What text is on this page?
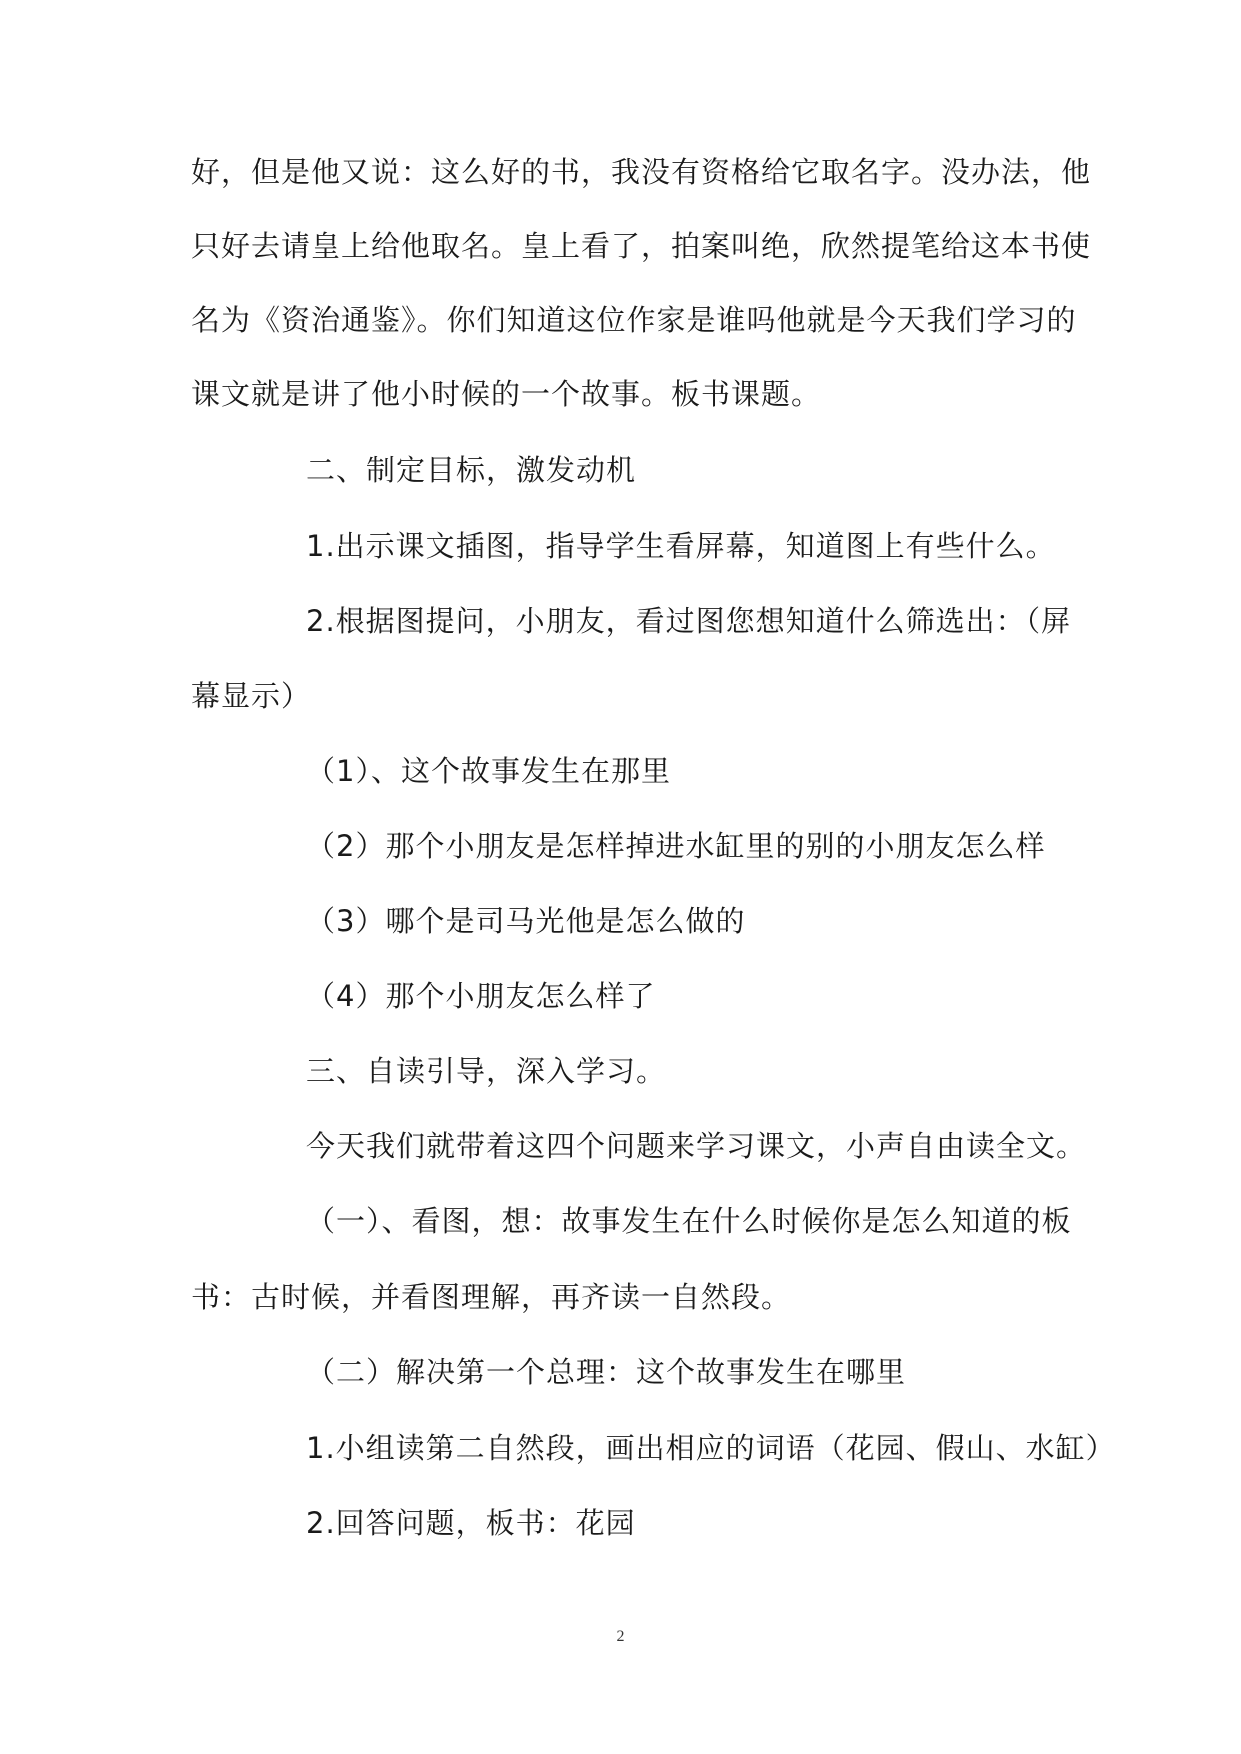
好，但是他又说：这么好的书，我没有资格给它取名字。没办法，他
只好去请皇上给他取名。皇上看了，拍案叫绝，欣然提笔给这本书使
名为《资治通鉴》。你们知道这位作家是谁吗他就是今天我们学习的
课文就是讲了他小时候的一个故事。板书课题。
二、制定目标，激发动机
1.出示课文插图，指导学生看屏幕，知道图上有些什么。
2.根据图提问，小朋友，看过图您想知道什么筛选出：（屏
幕显示）
（1）、这个故事发生在那里
（2）那个小朋友是怎样掉进水缸里的别的小朋友怎么样
（3）哪个是司马光他是怎么做的
（4）那个小朋友怎么样了
三、自读引导，深入学习。
今天我们就带着这四个问题来学习课文，小声自由读全文。
（一）、看图，想：故事发生在什么时候你是怎么知道的板
书：古时候，并看图理解，再齐读一自然段。
（二）解决第一个总理：这个故事发生在哪里
1.小组读第二自然段，画出相应的词语（花园、假山、水缸）
2.回答问题，板书：花园
2
